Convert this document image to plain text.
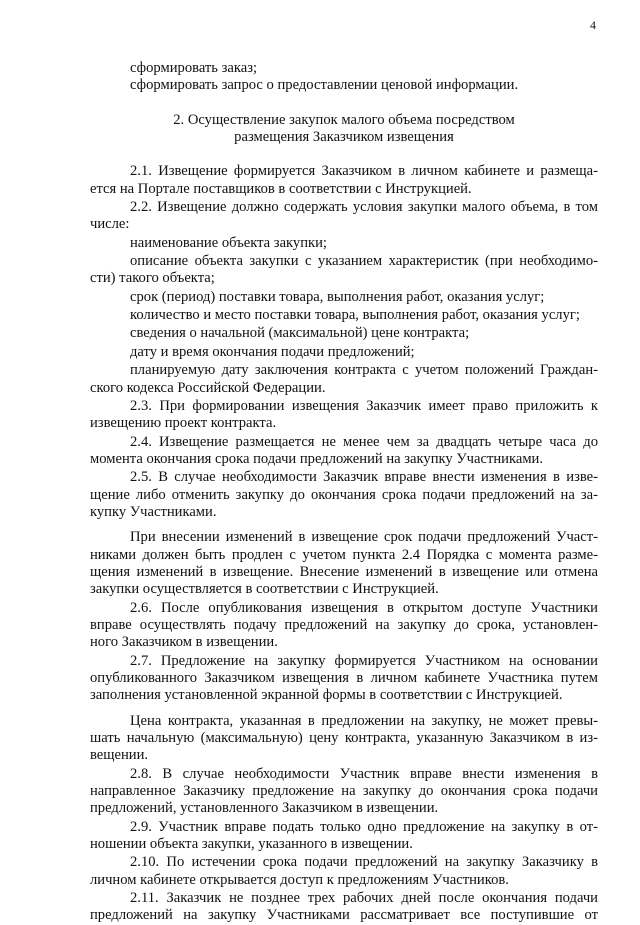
4
сформировать заказ;
сформировать запрос о предоставлении ценовой информации.
2. Осуществление закупок малого объема посредством
размещения Заказчиком извещения
2.1. Извещение формируется Заказчиком в личном кабинете и размеща-
ется на Портале поставщиков в соответствии с Инструкцией.
2.2. Извещение должно содержать условия закупки малого объема, в том
числе:
наименование объекта закупки;
описание объекта закупки с указанием характеристик (при необходимо-
сти) такого объекта;
срок (период) поставки товара, выполнения работ, оказания услуг;
количество и место поставки товара, выполнения работ, оказания услуг;
сведения о начальной (максимальной) цене контракта;
дату и время окончания подачи предложений;
планируемую дату заключения контракта с учетом положений Граждан-
ского кодекса Российской Федерации.
2.3. При формировании извещения Заказчик имеет право приложить к
извещению проект контракта.
2.4. Извещение размещается не менее чем за двадцать четыре часа до
момента окончания срока подачи предложений на закупку Участниками.
2.5. В случае необходимости Заказчик вправе внести изменения в изве-
щение либо отменить закупку до окончания срока подачи предложений на за-
купку Участниками.
При внесении изменений в извещение срок подачи предложений Участ-
никами должен быть продлен с учетом пункта 2.4 Порядка с момента разме-
щения изменений в извещение. Внесение изменений в извещение или отмена
закупки осуществляется в соответствии с Инструкцией.
2.6. После опубликования извещения в открытом доступе Участники
вправе осуществлять подачу предложений на закупку до срока, установлен-
ного Заказчиком в извещении.
2.7. Предложение на закупку формируется Участником на основании
опубликованного Заказчиком извещения в личном кабинете Участника путем
заполнения установленной экранной формы в соответствии с Инструкцией.
Цена контракта, указанная в предложении на закупку, не может превы-
шать начальную (максимальную) цену контракта, указанную Заказчиком в из-
вещении.
2.8. В случае необходимости Участник вправе внести изменения в
направленное Заказчику предложение на закупку до окончания срока подачи
предложений, установленного Заказчиком в извещении.
2.9. Участник вправе подать только одно предложение на закупку в от-
ношении объекта закупки, указанного в извещении.
2.10. По истечении срока подачи предложений на закупку Заказчику в
личном кабинете открывается доступ к предложениям Участников.
2.11. Заказчик не позднее трех рабочих дней после окончания подачи
предложений на закупку Участниками рассматривает все поступившие от
